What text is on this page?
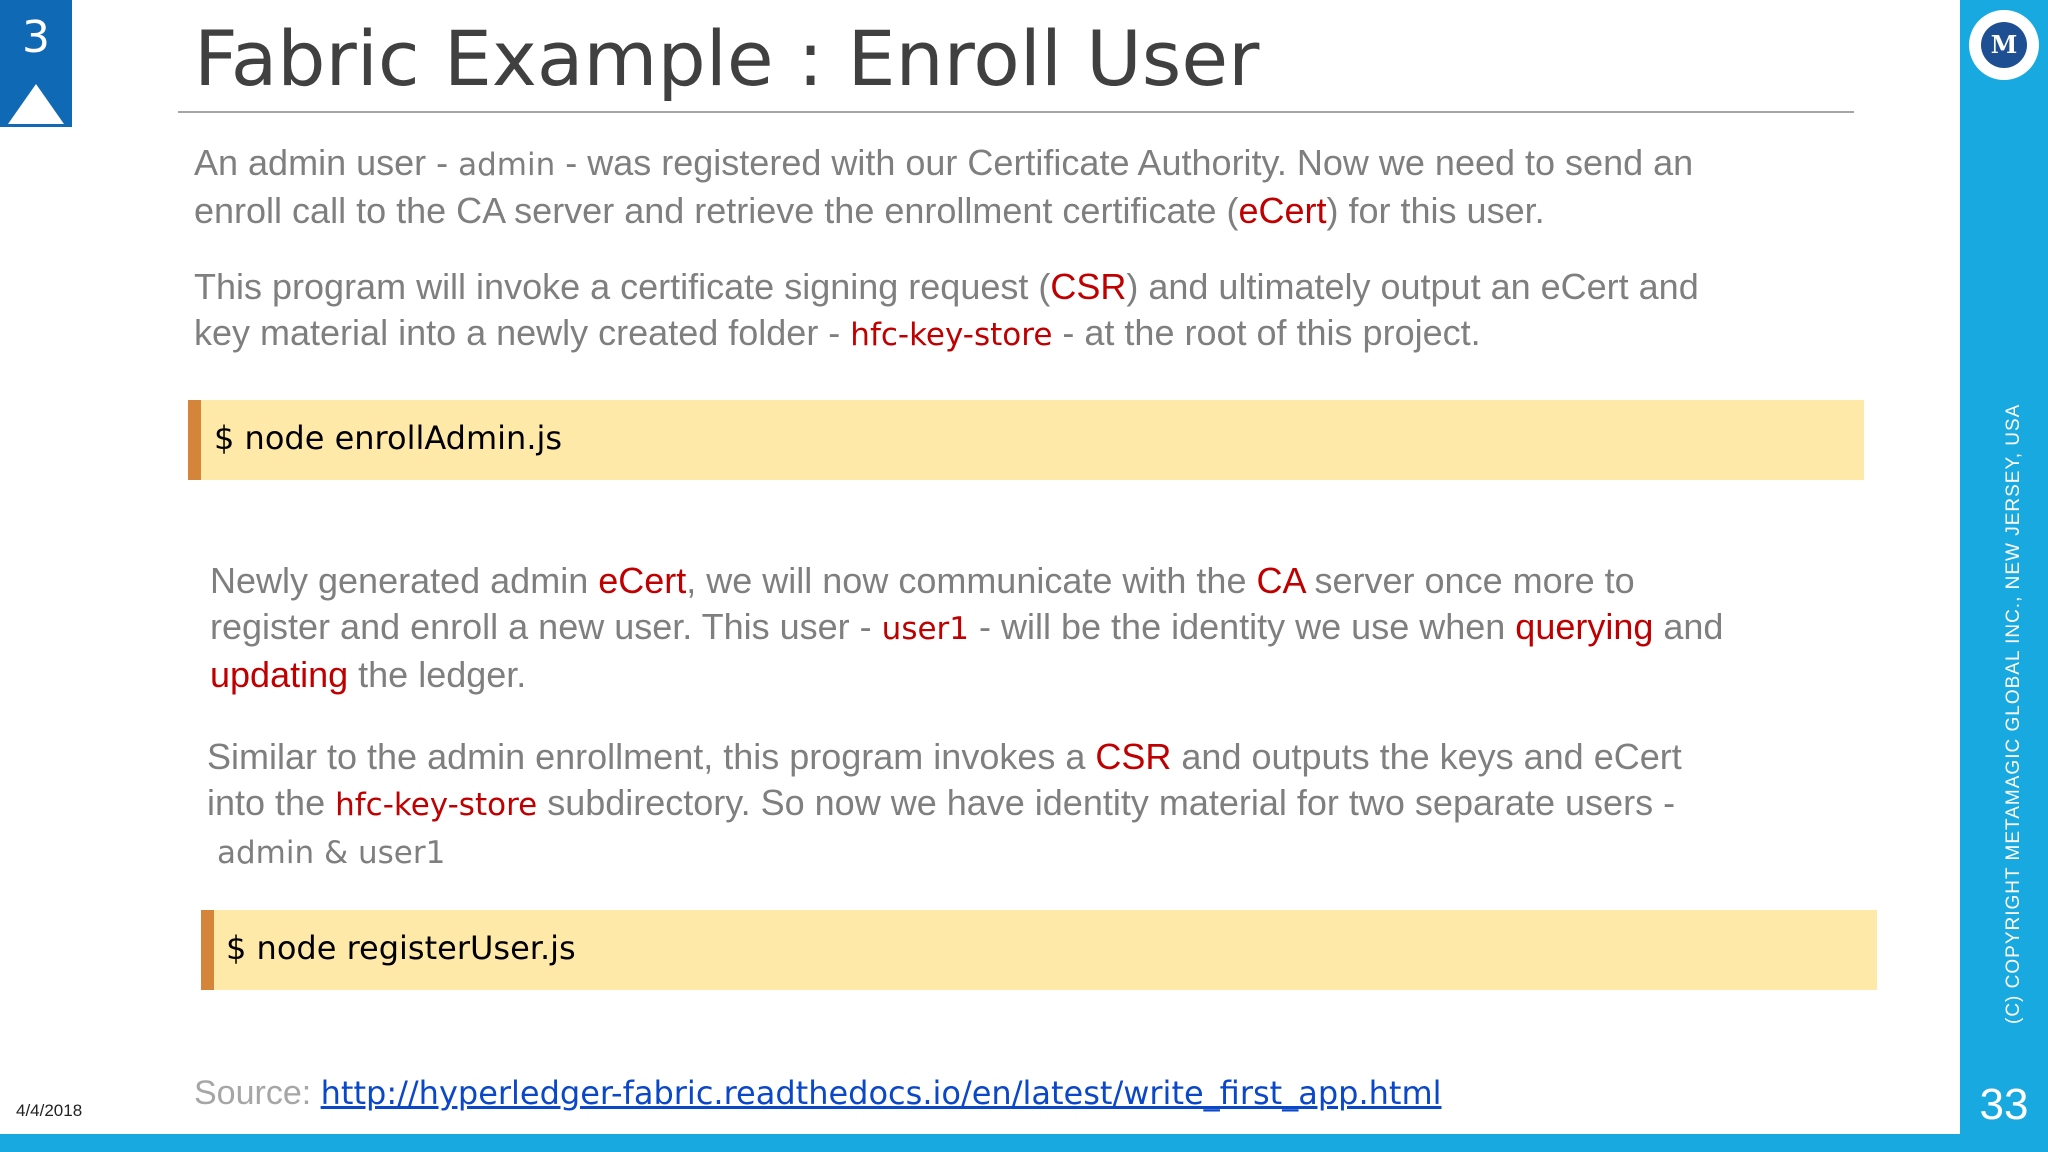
3	M
(C) COPYRIGHT METAMAGIC GLOBAL INC., NEW JERSEY, USA
33
Fabric Example : Enroll User
An admin user - admin - was registered with our Certificate Authority. Now we need to send an
enroll call to the CA server and retrieve the enrollment certificate (eCert) for this user.
This program will invoke a certificate signing request (CSR) and ultimately output an eCert and
key material into a newly created folder - hfc-key-store - at the root of this project.
$ node enrollAdmin.js
Newly generated admin eCert, we will now communicate with the CA server once more to
register and enroll a new user. This user - user1 - will be the identity we use when querying and
updating the ledger.
Similar to the admin enrollment, this program invokes a CSR and outputs the keys and eCert
into the hfc-key-store subdirectory. So now we have identity material for two separate users -
admin & user1
$ node registerUser.js
4/4/2018	Source: http://hyperledger-fabric.readthedocs.io/en/latest/write_first_app.html
